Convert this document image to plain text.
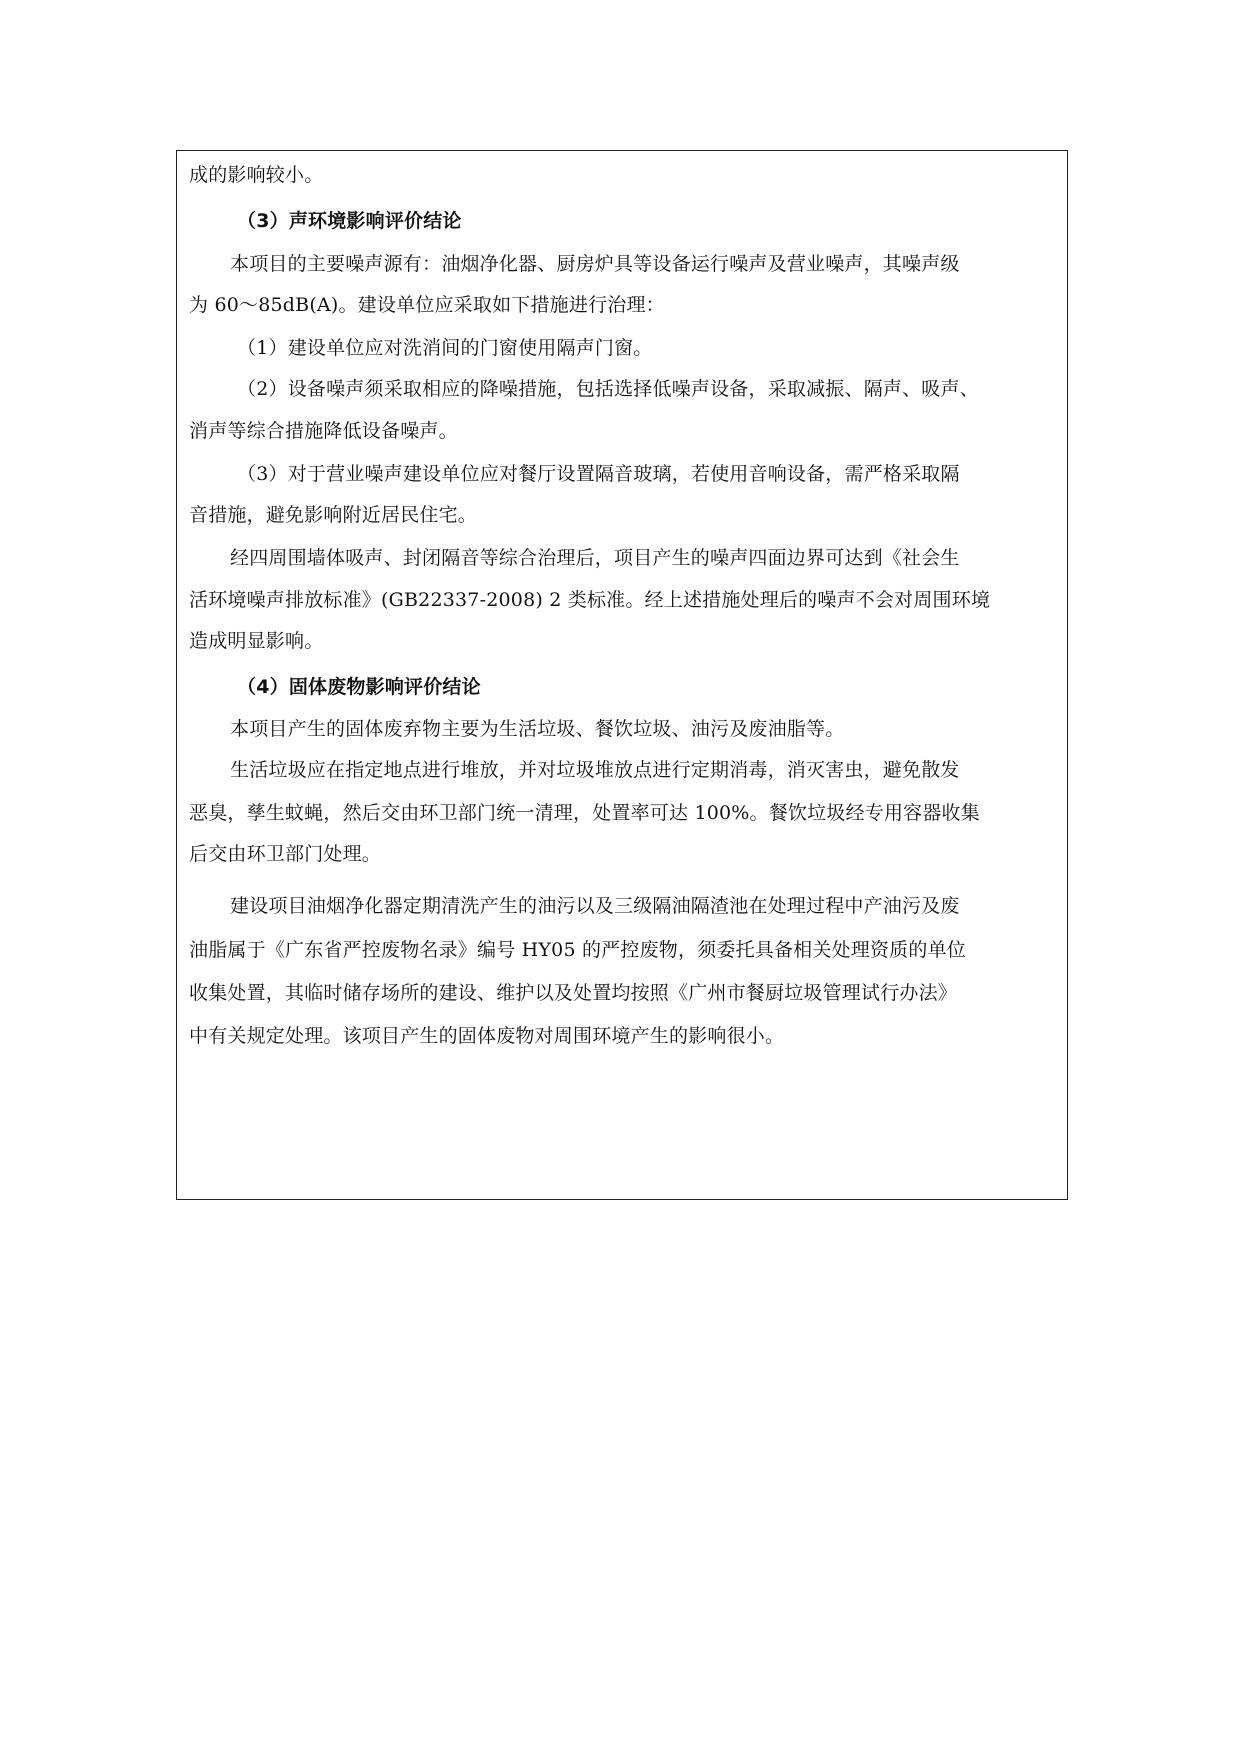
成的影响较小。
（3）声环境影响评价结论
本项目的主要噪声源有：油烟净化器、厨房炉具等设备运行噪声及营业噪声，其噪声级
为 60～85dB(A)。建设单位应采取如下措施进行治理：
（1）建设单位应对洗消间的门窗使用隔声门窗。
（2）设备噪声须采取相应的降噪措施，包括选择低噪声设备，采取减振、隔声、吸声、
消声等综合措施降低设备噪声。
（3）对于营业噪声建设单位应对餐厅设置隔音玻璃，若使用音响设备，需严格采取隔
音措施，避免影响附近居民住宅。
经四周围墙体吸声、封闭隔音等综合治理后，项目产生的噪声四面边界可达到《社会生
活环境噪声排放标准》(GB22337-2008) 2 类标准。经上述措施处理后的噪声不会对周围环境
造成明显影响。
（4）固体废物影响评价结论
本项目产生的固体废弃物主要为生活垃圾、餐饮垃圾、油污及废油脂等。
生活垃圾应在指定地点进行堆放，并对垃圾堆放点进行定期消毒，消灭害虫，避免散发
恶臭，孳生蚊蝇，然后交由环卫部门统一清理，处置率可达 100%。餐饮垃圾经专用容器收集
后交由环卫部门处理。
建设项目油烟净化器定期清洗产生的油污以及三级隔油隔渣池在处理过程中产油污及废
油脂属于《广东省严控废物名录》编号 HY05 的严控废物，须委托具备相关处理资质的单位
收集处置，其临时储存场所的建设、维护以及处置均按照《广州市餐厨垃圾管理试行办法》
中有关规定处理。该项目产生的固体废物对周围环境产生的影响很小。
